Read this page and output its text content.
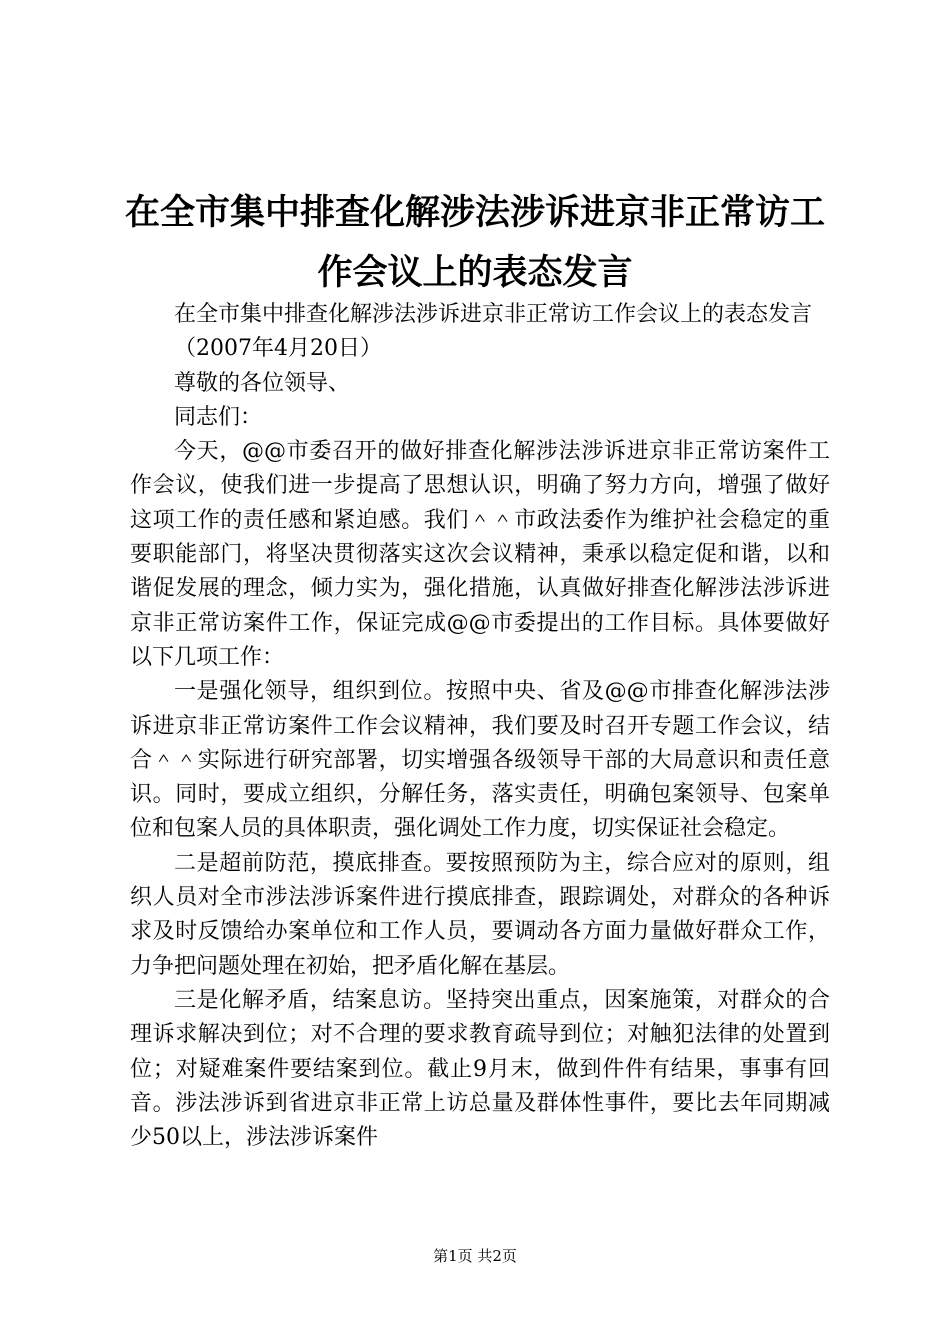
在全市集中排查化解涉法涉诉进京非正常访工
作会议上的表态发言

在全市集中排查化解涉法涉诉进京非正常访工作会议上的表态发言

（2007年4月20日）

尊敬的各位领导、

同志们：

今天，@@市委召开的做好排查化解涉法涉诉进京非正常访案件工作会议，使我们进一步提高了思想认识，明确了努力方向，增强了做好这项工作的责任感和紧迫感。我们＾＾市政法委作为维护社会稳定的重要职能部门，将坚决贯彻落实这次会议精神，秉承以稳定促和谐，以和谐促发展的理念，倾力实为，强化措施，认真做好排查化解涉法涉诉进京非正常访案件工作，保证完成@@市委提出的工作目标。具体要做好以下几项工作：

一是强化领导，组织到位。按照中央、省及@@市排查化解涉法涉诉进京非正常访案件工作会议精神，我们要及时召开专题工作会议，结合＾＾实际进行研究部署，切实增强各级领导干部的大局意识和责任意识。同时，要成立组织，分解任务，落实责任，明确包案领导、包案单位和包案人员的具体职责，强化调处工作力度，切实保证社会稳定。

二是超前防范，摸底排查。要按照预防为主，综合应对的原则，组织人员对全市涉法涉诉案件进行摸底排查，跟踪调处，对群众的各种诉求及时反馈给办案单位和工作人员，要调动各方面力量做好群众工作，力争把问题处理在初始，把矛盾化解在基层。

三是化解矛盾，结案息访。坚持突出重点，因案施策，对群众的合理诉求解决到位；对不合理的要求教育疏导到位；对触犯法律的处置到位；对疑难案件要结案到位。截止9月末，做到件件有结果，事事有回音。涉法涉诉到省进京非正常上访总量及群体性事件，要比去年同期减少50以上，涉法涉诉案件

第1页 共2页
